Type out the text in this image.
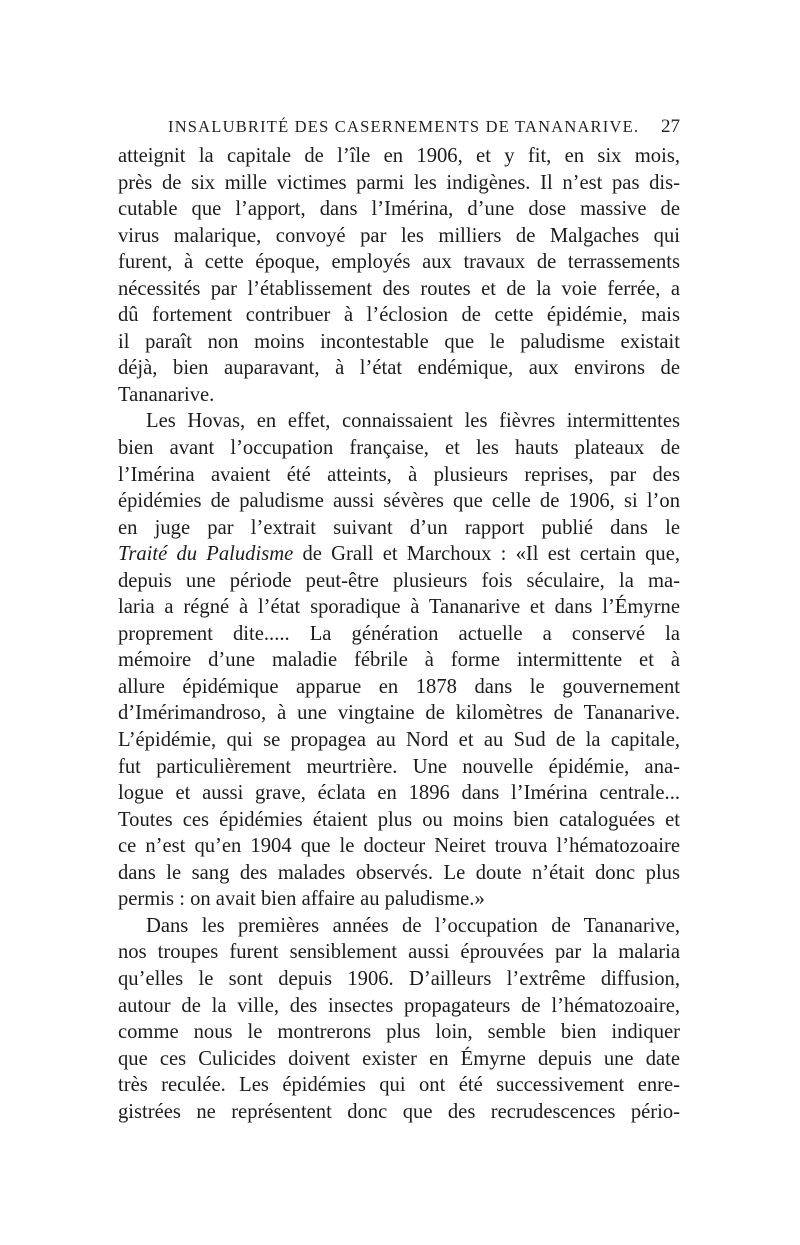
INSALUBRITÉ DES CASERNEMENTS DE TANANARIVE. 27
atteignit la capitale de l’île en 1906, et y fit, en six mois,
près de six mille victimes parmi les indigènes. Il n’est pas dis-
cutable que l’apport, dans l’Imérina, d’une dose massive de
virus malarique, convoyé par les milliers de Malgaches qui
furent, à cette époque, employés aux travaux de terrassements
nécessités par l’établissement des routes et de la voie ferrée, a
dû fortement contribuer à l’éclosion de cette épidémie, mais
il paraît non moins incontestable que le paludisme existait
déjà, bien auparavant, à l’état endémique, aux environs de
Tananarive.
Les Hovas, en effet, connaissaient les fièvres intermittentes
bien avant l’occupation française, et les hauts plateaux de
l’Imérina avaient été atteints, à plusieurs reprises, par des
épidémies de paludisme aussi sévères que celle de 1906, si l’on
en juge par l’extrait suivant d’un rapport publié dans le
Traité du Paludisme de Grall et Marchoux : «Il est certain que,
depuis une période peut-être plusieurs fois séculaire, la ma-
laria a régné à l’état sporadique à Tananarive et dans l’Émyrne
proprement dite..... La génération actuelle a conservé la
mémoire d’une maladie fébrile à forme intermittente et à
allure épidémique apparue en 1878 dans le gouvernement
d’Imérimandroso, à une vingtaine de kilomètres de Tananarive.
L’épidémie, qui se propagea au Nord et au Sud de la capitale,
fut particulièrement meurtrière. Une nouvelle épidémie, ana-
logue et aussi grave, éclata en 1896 dans l’Imérina centrale...
Toutes ces épidémies étaient plus ou moins bien cataloguées et
ce n’est qu’en 1904 que le docteur Neiret trouva l’hématozoaire
dans le sang des malades observés. Le doute n’était donc plus
permis : on avait bien affaire au paludisme.»
Dans les premières années de l’occupation de Tananarive,
nos troupes furent sensiblement aussi éprouvées par la malaria
qu’elles le sont depuis 1906. D’ailleurs l’extrême diffusion,
autour de la ville, des insectes propagateurs de l’hématozoaire,
comme nous le montrerons plus loin, semble bien indiquer
que ces Culicides doivent exister en Émyrne depuis une date
très reculée. Les épidémies qui ont été successivement enre-
gistrées ne représentent donc que des recrudescences pério-
